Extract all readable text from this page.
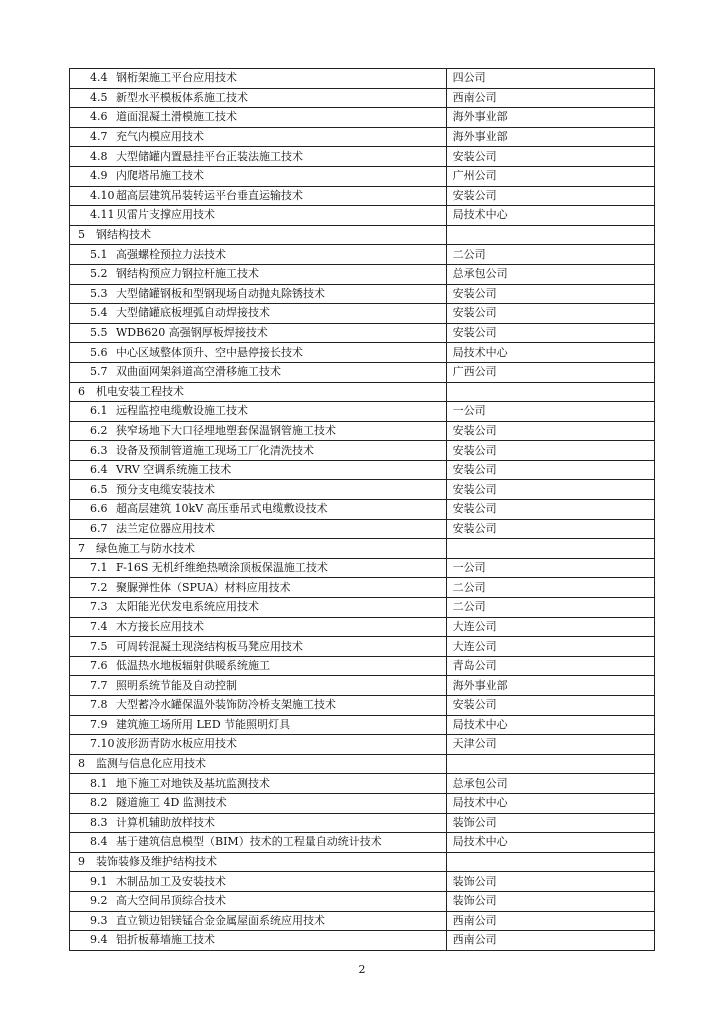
4.4 钢桁架施工平台应用技术	四公司
4.5 新型水平模板体系施工技术	西南公司
4.6 道面混凝土滑模施工技术	海外事业部
4.7 充气内模应用技术	海外事业部
4.8 大型储罐内置悬挂平台正装法施工技术	安装公司
4.9 内爬塔吊施工技术	广州公司
4.10 超高层建筑吊装转运平台垂直运输技术	安装公司
4.11 贝雷片支撑应用技术	局技术中心
5 钢结构技术	
5.1 高强螺栓预拉力法技术	二公司
5.2 钢结构预应力钢拉杆施工技术	总承包公司
5.3 大型储罐钢板和型钢现场自动抛丸除锈技术	安装公司
5.4 大型储罐底板埋弧自动焊接技术	安装公司
5.5 WDB620 高强钢厚板焊接技术	安装公司
5.6 中心区域整体顶升、空中悬停接长技术	局技术中心
5.7 双曲面网架斜道高空滑移施工技术	广西公司
6 机电安装工程技术	
6.1 远程监控电缆敷设施工技术	一公司
6.2 狭窄场地下大口径埋地塑套保温钢管施工技术	安装公司
6.3 设备及预制管道施工现场工厂化清洗技术	安装公司
6.4 VRV 空调系统施工技术	安装公司
6.5 预分支电缆安装技术	安装公司
6.6 超高层建筑 10kV 高压垂吊式电缆敷设技术	安装公司
6.7 法兰定位器应用技术	安装公司
7 绿色施工与防水技术	
7.1 F-16S 无机纤维绝热喷涂顶板保温施工技术	一公司
7.2 聚脲弹性体（SPUA）材料应用技术	二公司
7.3 太阳能光伏发电系统应用技术	二公司
7.4 木方接长应用技术	大连公司
7.5 可周转混凝土现浇结构板马凳应用技术	大连公司
7.6 低温热水地板辐射供暖系统施工	青岛公司
7.7 照明系统节能及自动控制	海外事业部
7.8 大型蓄冷水罐保温外装饰防冷桥支架施工技术	安装公司
7.9 建筑施工场所用 LED 节能照明灯具	局技术中心
7.10 波形沥青防水板应用技术	天津公司
8 监测与信息化应用技术	
8.1 地下施工对地铁及基坑监测技术	总承包公司
8.2 隧道施工 4D 监测技术	局技术中心
8.3 计算机辅助放样技术	装饰公司
8.4 基于建筑信息模型（BIM）技术的工程量自动统计技术	局技术中心
9 装饰装修及维护结构技术	
9.1 木制品加工及安装技术	装饰公司
9.2 高大空间吊顶综合技术	装饰公司
9.3 直立锁边铝镁锰合金金属屋面系统应用技术	西南公司
9.4 铝折板幕墙施工技术	西南公司
2
